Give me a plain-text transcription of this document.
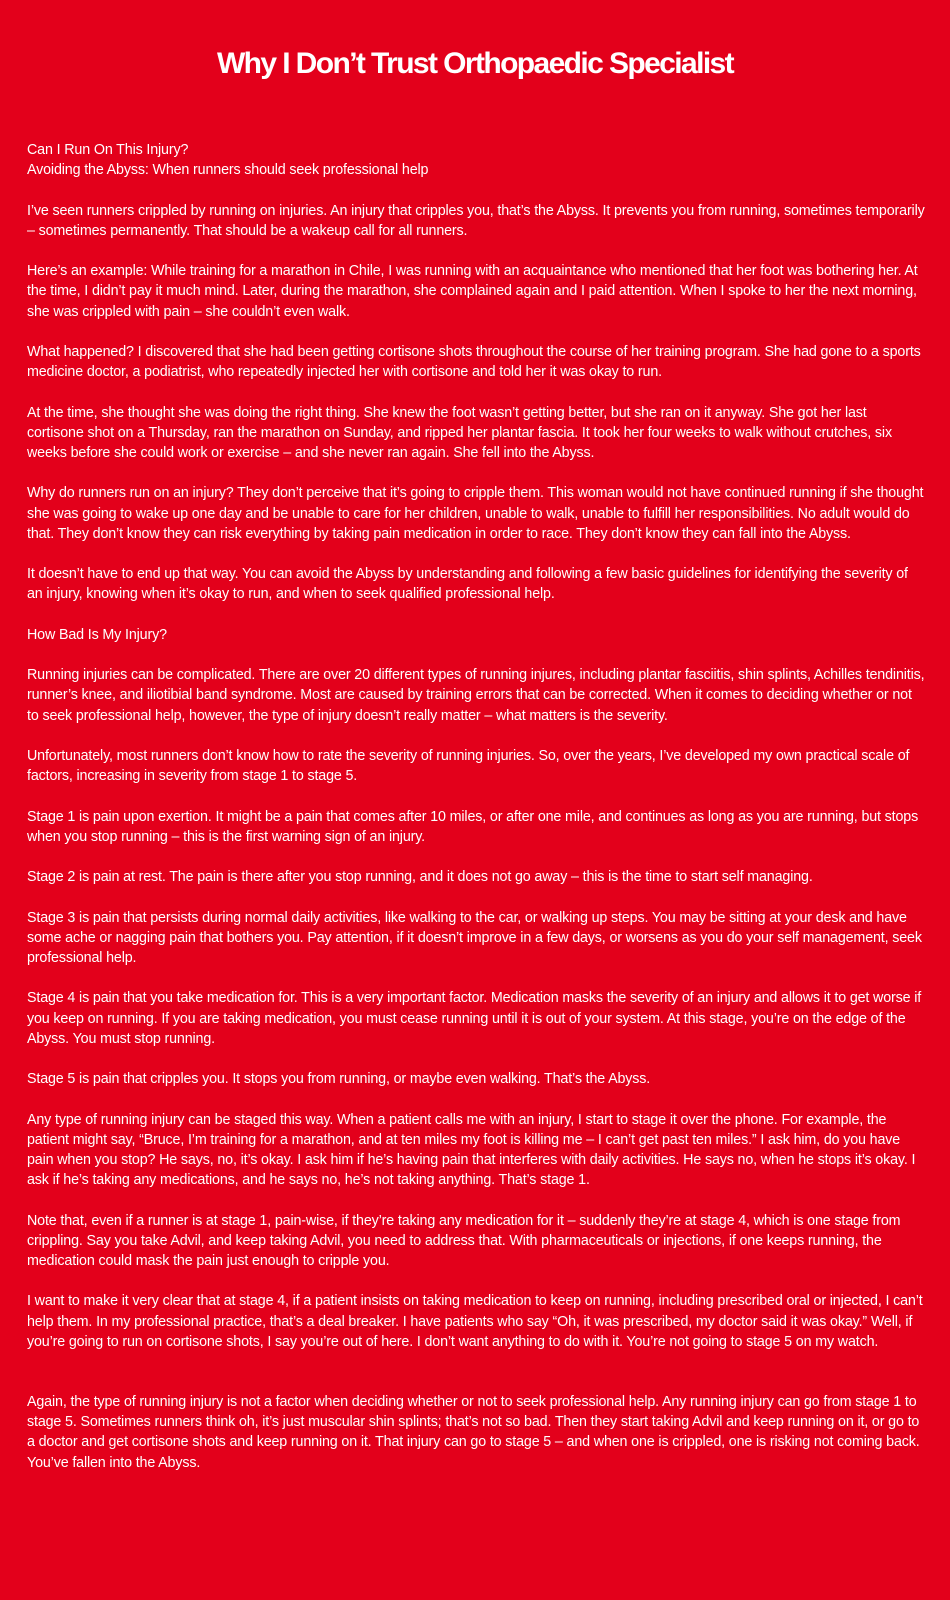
Why I Don’t Trust Orthopaedic Specialist

Can I Run On This Injury?
Avoiding the Abyss: When runners should seek professional help

I’ve seen runners crippled by running on injuries. An injury that cripples you, that’s the Abyss. It prevents you from running, sometimes temporarily – sometimes permanently. That should be a wakeup call for all runners.

Here’s an example: While training for a marathon in Chile, I was running with an acquaintance who mentioned that her foot was bothering her. At the time, I didn’t pay it much mind. Later, during the marathon, she complained again and I paid attention. When I spoke to her the next morning, she was crippled with pain – she couldn’t even walk.

What happened? I discovered that she had been getting cortisone shots throughout the course of her training program. She had gone to a sports medicine doctor, a podiatrist, who repeatedly injected her with cortisone and told her it was okay to run.

At the time, she thought she was doing the right thing. She knew the foot wasn’t getting better, but she ran on it anyway. She got her last cortisone shot on a Thursday, ran the marathon on Sunday, and ripped her plantar fascia. It took her four weeks to walk without crutches, six weeks before she could work or exercise – and she never ran again. She fell into the Abyss.

Why do runners run on an injury? They don’t perceive that it’s going to cripple them. This woman would not have continued running if she thought she was going to wake up one day and be unable to care for her children, unable to walk, unable to fulfill her responsibilities. No adult would do that. They don’t know they can risk everything by taking pain medication in order to race. They don’t know they can fall into the Abyss.

It doesn’t have to end up that way. You can avoid the Abyss by understanding and following a few basic guidelines for identifying the severity of an injury, knowing when it’s okay to run, and when to seek qualified professional help.

How Bad Is My Injury?

Running injuries can be complicated. There are over 20 different types of running injures, including plantar fasciitis, shin splints, Achilles tendinitis, runner’s knee, and iliotibial band syndrome. Most are caused by training errors that can be corrected. When it comes to deciding whether or not to seek professional help, however, the type of injury doesn’t really matter – what matters is the severity.

Unfortunately, most runners don’t know how to rate the severity of running injuries. So, over the years, I’ve developed my own practical scale of factors, increasing in severity from stage 1 to stage 5.

Stage 1 is pain upon exertion. It might be a pain that comes after 10 miles, or after one mile, and continues as long as you are running, but stops when you stop running – this is the first warning sign of an injury.

Stage 2 is pain at rest. The pain is there after you stop running, and it does not go away – this is the time to start self managing.

Stage 3 is pain that persists during normal daily activities, like walking to the car, or walking up steps. You may be sitting at your desk and have some ache or nagging pain that bothers you. Pay attention, if it doesn’t improve in a few days, or worsens as you do your self management, seek professional help.

Stage 4 is pain that you take medication for. This is a very important factor. Medication masks the severity of an injury and allows it to get worse if you keep on running. If you are taking medication, you must cease running until it is out of your system. At this stage, you’re on the edge of the Abyss. You must stop running.

Stage 5 is pain that cripples you. It stops you from running, or maybe even walking. That’s the Abyss.

Any type of running injury can be staged this way. When a patient calls me with an injury, I start to stage it over the phone. For example, the patient might say, “Bruce, I’m training for a marathon, and at ten miles my foot is killing me – I can’t get past ten miles.” I ask him, do you have pain when you stop? He says, no, it’s okay. I ask him if he’s having pain that interferes with daily activities. He says no, when he stops it’s okay. I ask if he’s taking any medications, and he says no, he’s not taking anything. That’s stage 1.

Note that, even if a runner is at stage 1, pain-wise, if they’re taking any medication for it – suddenly they’re at stage 4, which is one stage from crippling. Say you take Advil, and keep taking Advil, you need to address that. With pharmaceuticals or injections, if one keeps running, the medication could mask the pain just enough to cripple you.

I want to make it very clear that at stage 4, if a patient insists on taking medication to keep on running, including prescribed oral or injected, I can’t help them. In my professional practice, that’s a deal breaker. I have patients who say “Oh, it was prescribed, my doctor said it was okay.” Well, if you’re going to run on cortisone shots, I say you’re out of here. I don’t want anything to do with it. You’re not going to stage 5 on my watch.

Again, the type of running injury is not a factor when deciding whether or not to seek professional help. Any running injury can go from stage 1 to stage 5. Sometimes runners think oh, it’s just muscular shin splints; that’s not so bad. Then they start taking Advil and keep running on it, or go to a doctor and get cortisone shots and keep running on it. That injury can go to stage 5 – and when one is crippled, one is risking not coming back. You’ve fallen into the Abyss.
